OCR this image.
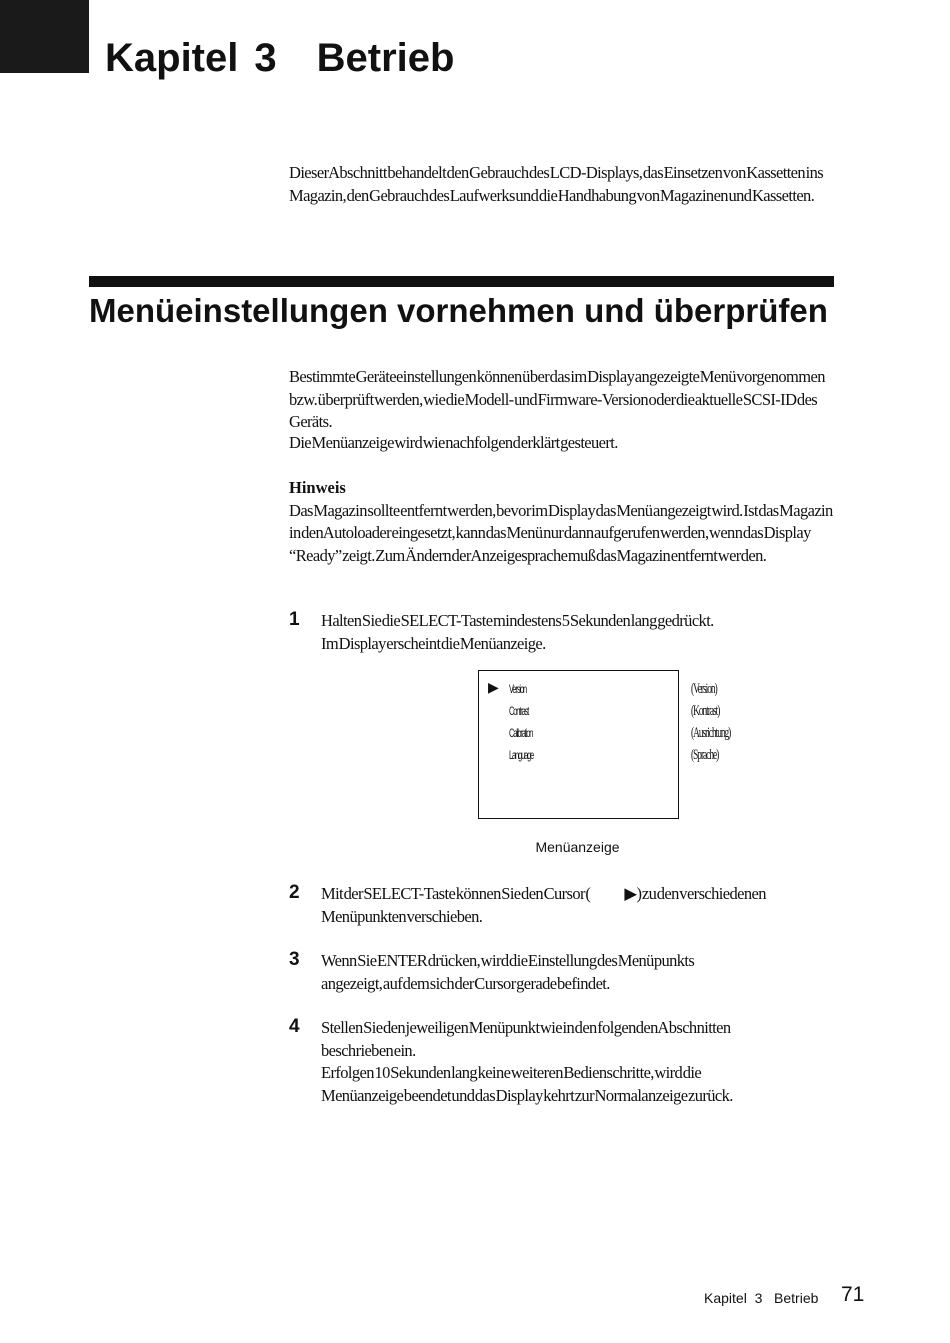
Kapitel 3 Betrieb
Dieser Abschnitt behandelt den Gebrauch des LCD-Displays, das Einsetzen von Kassetten ins Magazin, den Gebrauch des Laufwerks und die Handhabung von Magazinen und Kassetten.
Menüeinstellungen vornehmen und überprüfen
Bestimmte Geräteeinstellungen können über das im Display angezeigte Menü vorgenommen bzw. überprüft werden, wie die Modell- und Firmware-Version oder die aktuelle SCSI-ID des Geräts.
Die Menüanzeige wird wie nachfolgend erklärt gesteuert.
Hinweis
Das Magazin sollte entfernt werden, bevor im Display das Menü angezeigt wird. Ist das Magazin in den Autoloader eingesetzt, kann das Menü nur dann aufgerufen werden, wenn das Display “Ready” zeigt. Zum Ändern der Anzeigesprache muß das Magazin entfernt werden.
1 Halten Sie die SELECT-Taste mindestens 5 Sekunden lang gedrückt.
Im Display erscheint die Menüanzeige.
▶ Version
Contrast
Calibration
Language
(Version)
(Kontrast)
(Ausrichtung)
(Sprache)
Menüanzeige
2 Mit der SELECT-Taste können Sie den Cursor ( ▶) zu den verschiedenen
Menüpunkten verschieben.
3 Wenn Sie ENTER drücken, wird die Einstellung des Menüpunkts
angezeigt, auf dem sich der Cursor gerade befindet.
4 Stellen Sie den jeweiligen Menüpunkt wie in den folgenden Abschnitten
beschrieben ein.
Erfolgen 10 Sekunden lang keine weiteren Bedienschritte, wird die
Menüanzeige beendet und das Display kehrt zur Normalanzeige zurück.
Kapitel  3   Betrieb 71
